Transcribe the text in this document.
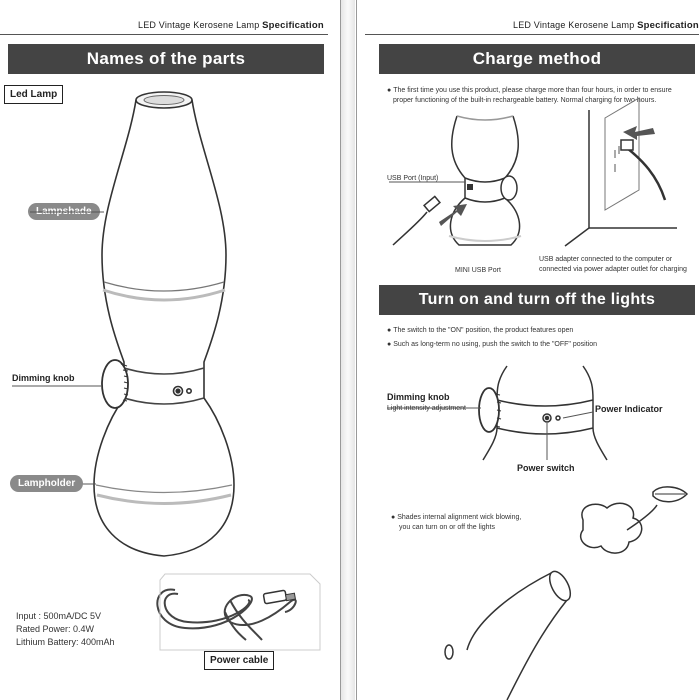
LED Vintage Kerosene Lamp Specification
Names of the parts
Led Lamp
Lampshade
Dimming knob
Lampholder
Input : 500mA/DC 5V
Rated Power: 0.4W
Lithium Battery: 400mAh
Power cable
LED Vintage Kerosene Lamp Specification
Charge method
● The first time you use this product, please charge more than four hours, in order to ensure
proper functioning of the built-in rechargeable battery. Normal charging for two hours.
USB Port (Input)
MINI USB Port
USB adapter connected to the computer or
connected via power adapter outlet for charging
Turn on and turn off the lights
● The switch to the "ON" position, the product features open
● Such as long-term no using, push the switch to the "OFF" position
Dimming knob
Light intensity adjustment	Power Indicator
Power switch
● Shades internal alignment wick blowing,
you can turn on or off the lights
